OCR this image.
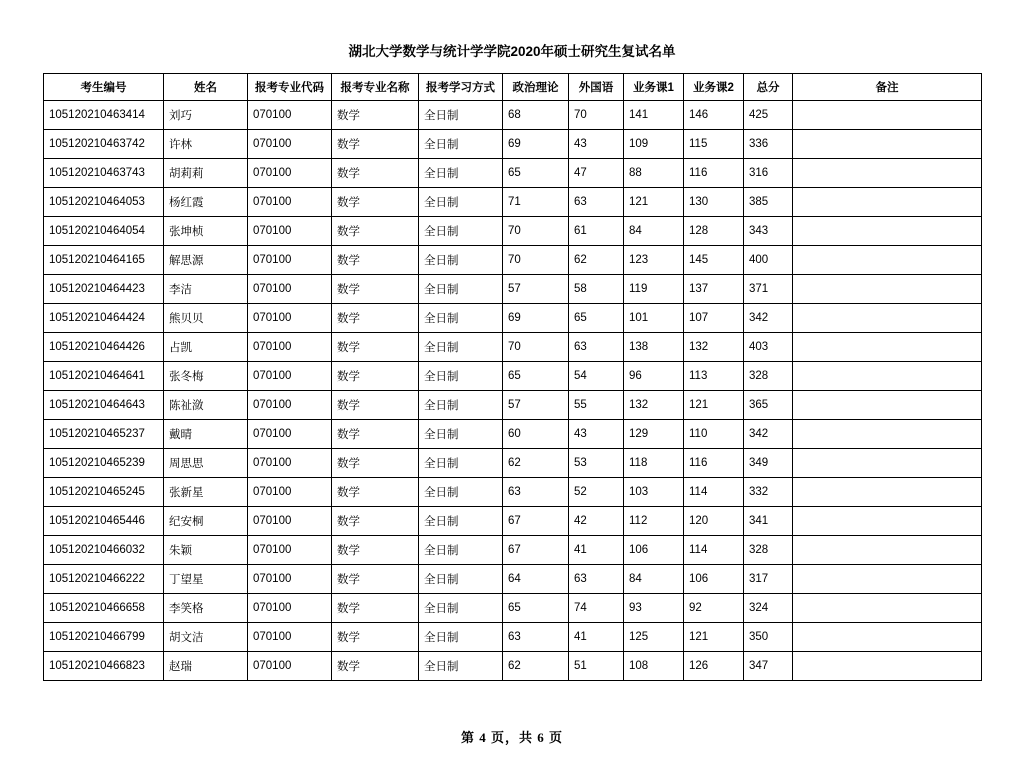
湖北大学数学与统计学学院2020年硕士研究生复试名单
考生编号	姓名	报考专业代码	报考专业名称	报考学习方式	政治理论	外国语	业务课1	业务课2	总分	备注
105120210463414	刘巧	070100	数学	全日制	68	70	141	146	425	
105120210463742	许林	070100	数学	全日制	69	43	109	115	336	
105120210463743	胡莉莉	070100	数学	全日制	65	47	88	116	316	
105120210464053	杨红霞	070100	数学	全日制	71	63	121	130	385	
105120210464054	张坤桢	070100	数学	全日制	70	61	84	128	343	
105120210464165	解思源	070100	数学	全日制	70	62	123	145	400	
105120210464423	李洁	070100	数学	全日制	57	58	119	137	371	
105120210464424	熊贝贝	070100	数学	全日制	69	65	101	107	342	
105120210464426	占凯	070100	数学	全日制	70	63	138	132	403	
105120210464641	张冬梅	070100	数学	全日制	65	54	96	113	328	
105120210464643	陈祉潋	070100	数学	全日制	57	55	132	121	365	
105120210465237	戴晴	070100	数学	全日制	60	43	129	110	342	
105120210465239	周思思	070100	数学	全日制	62	53	118	116	349	
105120210465245	张新星	070100	数学	全日制	63	52	103	114	332	
105120210465446	纪安桐	070100	数学	全日制	67	42	112	120	341	
105120210466032	朱颖	070100	数学	全日制	67	41	106	114	328	
105120210466222	丁望星	070100	数学	全日制	64	63	84	106	317	
105120210466658	李笑格	070100	数学	全日制	65	74	93	92	324	
105120210466799	胡文洁	070100	数学	全日制	63	41	125	121	350	
105120210466823	赵瑞	070100	数学	全日制	62	51	108	126	347	
第 4 页，共 6 页
